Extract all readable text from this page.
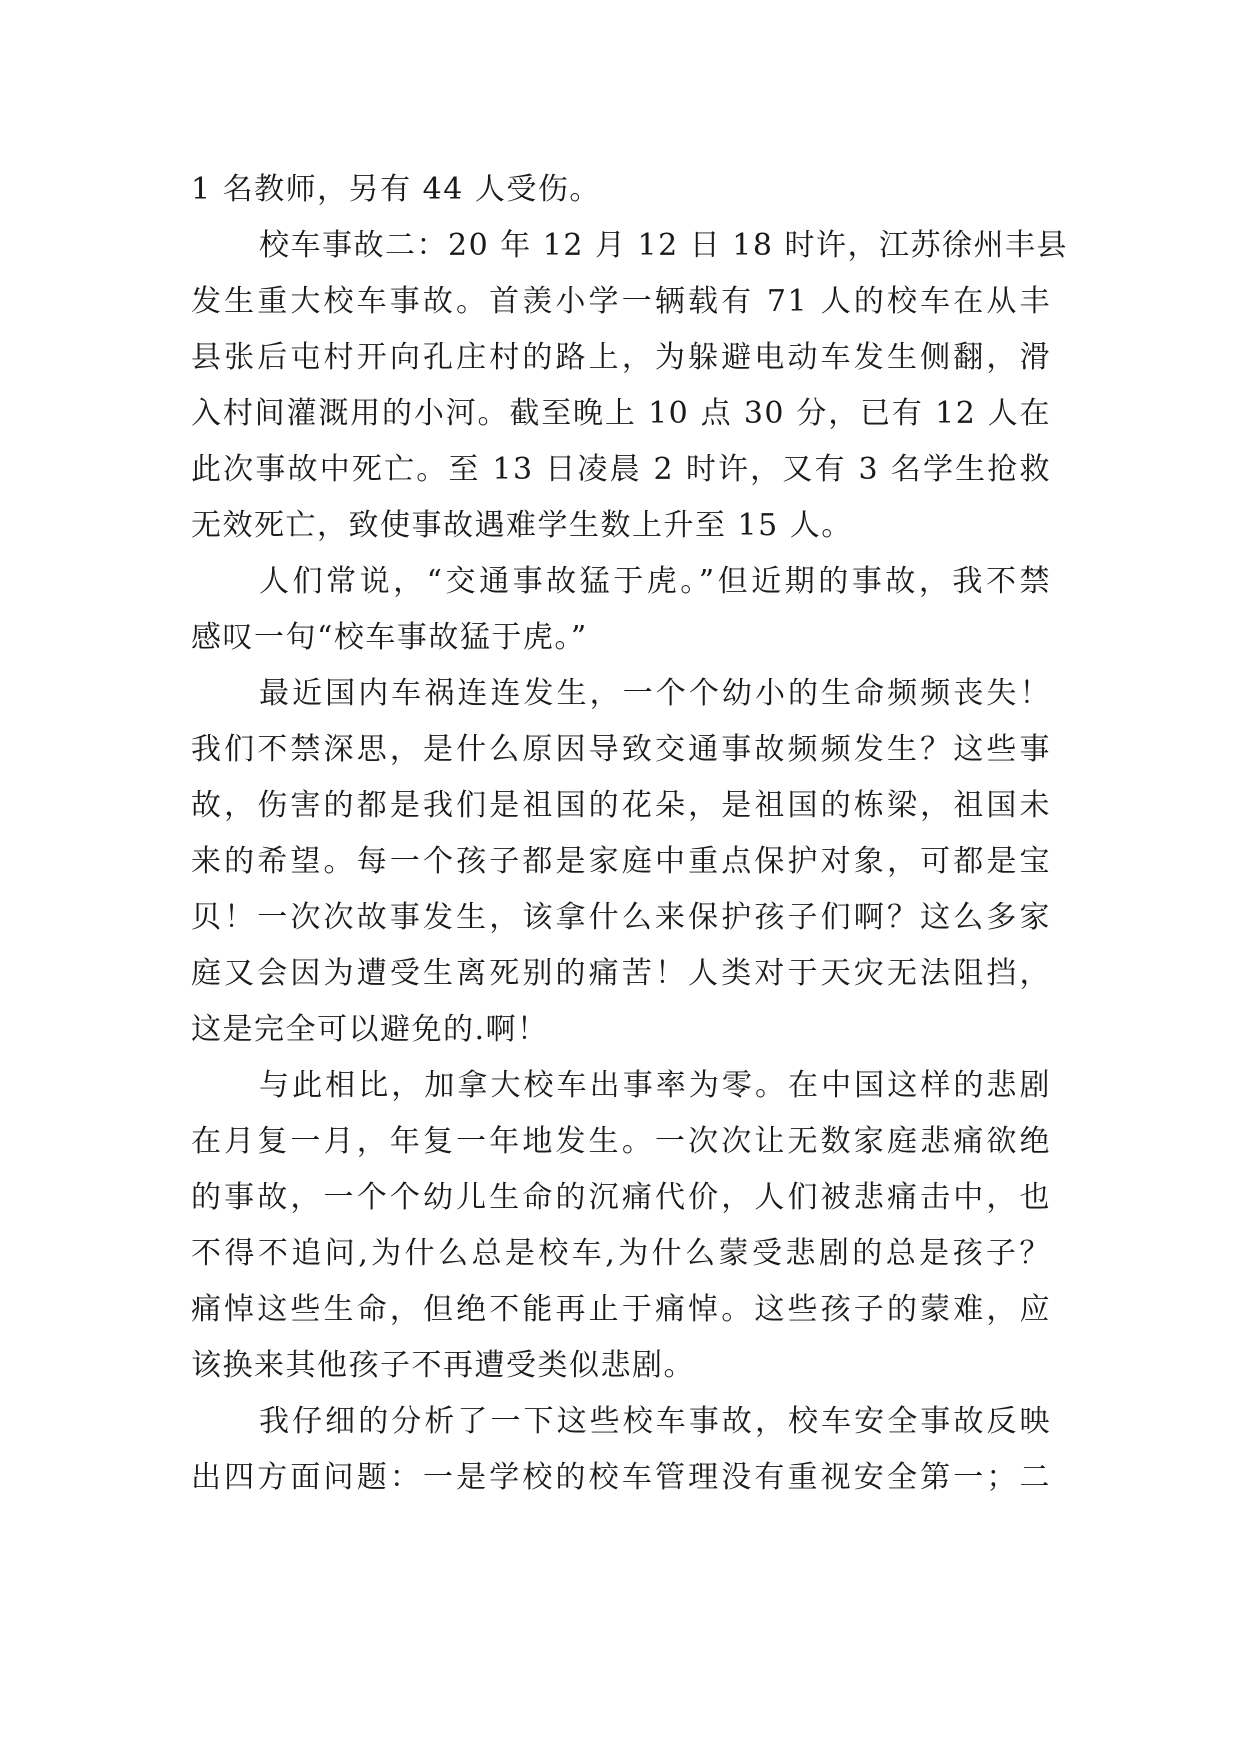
1 名教师，另有 44 人受伤。
校车事故二：20 年 12 月 12 日 18 时许，江苏徐州丰县
发生重大校车事故。首羡小学一辆载有 71 人的校车在从丰
县张后屯村开向孔庄村的路上，为躲避电动车发生侧翻，滑
入村间灌溉用的小河。截至晚上 10 点 30 分，已有 12 人在
此次事故中死亡。至 13 日凌晨 2 时许，又有 3 名学生抢救
无效死亡，致使事故遇难学生数上升至 15 人。
人们常说，“交通事故猛于虎。”但近期的事故，我不禁
感叹一句“校车事故猛于虎。”
最近国内车祸连连发生，一个个幼小的生命频频丧失！
我们不禁深思，是什么原因导致交通事故频频发生？这些事
故，伤害的都是我们是祖国的花朵，是祖国的栋梁，祖国未
来的希望。每一个孩子都是家庭中重点保护对象，可都是宝
贝！一次次故事发生，该拿什么来保护孩子们啊？这么多家
庭又会因为遭受生离死别的痛苦！人类对于天灾无法阻挡，
这是完全可以避免的.啊！
与此相比，加拿大校车出事率为零。在中国这样的悲剧
在月复一月，年复一年地发生。一次次让无数家庭悲痛欲绝
的事故，一个个幼儿生命的沉痛代价，人们被悲痛击中，也
不得不追问,为什么总是校车,为什么蒙受悲剧的总是孩子？
痛悼这些生命，但绝不能再止于痛悼。这些孩子的蒙难，应
该换来其他孩子不再遭受类似悲剧。
我仔细的分析了一下这些校车事故，校车安全事故反映
出四方面问题：一是学校的校车管理没有重视安全第一；二
